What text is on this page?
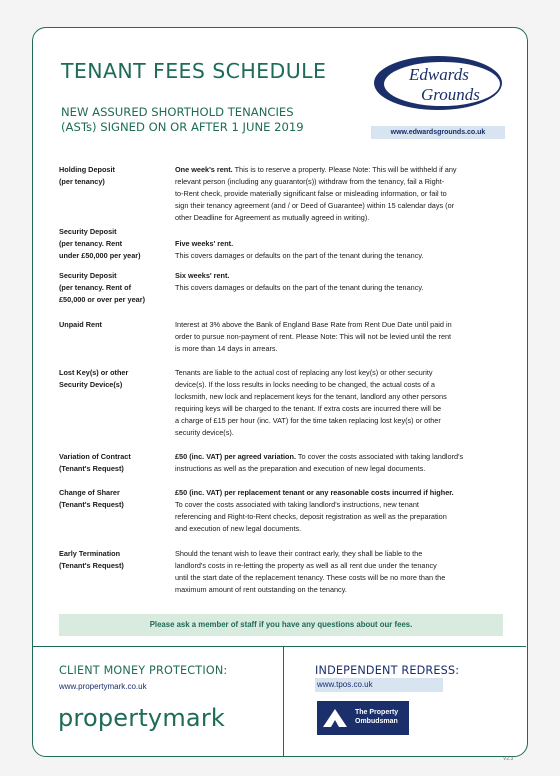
TENANT FEES SCHEDULE
NEW ASSURED SHORTHOLD TENANCIES
(ASTs) SIGNED ON OR AFTER 1 JUNE 2019
Edwards
Grounds
www.edwardsgrounds.co.uk
Holding Deposit
(per tenancy)
One week's rent. This is to reserve a property. Please Note: This will be withheld if any
relevant person (including any guarantor(s)) withdraw from the tenancy, fail a Right-
to-Rent check, provide materially significant false or misleading information, or fail to
sign their tenancy agreement (and / or Deed of Guarantee) within 15 calendar days (or
other Deadline for Agreement as mutually agreed in writing).
Security Deposit
(per tenancy. Rent
under £50,000 per year)
Five weeks' rent.
This covers damages or defaults on the part of the tenant during the tenancy.
Security Deposit
(per tenancy. Rent of
£50,000 or over per year)
Six weeks' rent.
This covers damages or defaults on the part of the tenant during the tenancy.
Unpaid Rent	Interest at 3% above the Bank of England Base Rate from Rent Due Date until paid in
order to pursue non-payment of rent. Please Note: This will not be levied until the rent
is more than 14 days in arrears.
Lost Key(s) or other
Security Device(s)
Tenants are liable to the actual cost of replacing any lost key(s) or other security
device(s). If the loss results in locks needing to be changed, the actual costs of a
locksmith, new lock and replacement keys for the tenant, landlord any other persons
requiring keys will be charged to the tenant. If extra costs are incurred there will be
a charge of £15 per hour (inc. VAT) for the time taken replacing lost key(s) or other
security device(s).
Variation of Contract
(Tenant's Request)
£50 (inc. VAT) per agreed variation. To cover the costs associated with taking landlord's
instructions as well as the preparation and execution of new legal documents.
Change of Sharer
(Tenant's Request)
£50 (inc. VAT) per replacement tenant or any reasonable costs incurred if higher.
To cover the costs associated with taking landlord's instructions, new tenant
referencing and Right-to-Rent checks, deposit registration as well as the preparation
and execution of new legal documents.
Early Termination
(Tenant's Request)
Should the tenant wish to leave their contract early, they shall be liable to the
landlord's costs in re-letting the property as well as all rent due under the tenancy
until the start date of the replacement tenancy. These costs will be no more than the
maximum amount of rent outstanding on the tenancy.
Please ask a member of staff if you have any questions about our fees.
CLIENT MONEY PROTECTION:
www.propertymark.co.uk
propertymark
INDEPENDENT REDRESS:
www.tpos.co.uk
The Property
Ombudsman
V2.3
